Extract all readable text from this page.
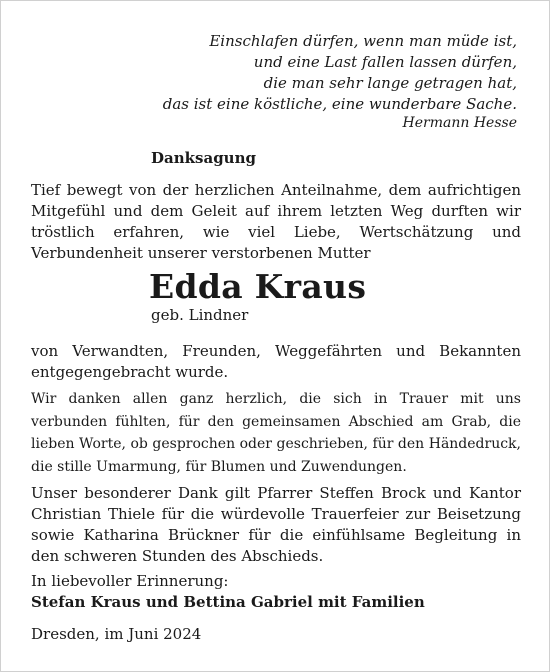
Einschlafen dürfen, wenn man müde ist,
und eine Last fallen lassen dürfen,
die man sehr lange getragen hat,
das ist eine köstliche, eine wunderbare Sache.
Hermann Hesse
Danksagung
Tief bewegt von der herzlichen Anteilnahme, dem aufrichtigen Mitgefühl und dem Geleit auf ihrem letzten Weg durften wir tröstlich erfahren, wie viel Liebe, Wertschätzung und Verbundenheit unserer verstorbenen Mutter
Edda Kraus
geb. Lindner
von Verwandten, Freunden, Weggefährten und Bekannten entgegengebracht wurde.
Wir danken allen ganz herzlich, die sich in Trauer mit uns verbunden fühlten, für den gemeinsamen Abschied am Grab, die lieben Worte, ob gesprochen oder geschrieben, für den Händedruck, die stille Umarmung, für Blumen und Zuwendungen.
Unser besonderer Dank gilt Pfarrer Steffen Brock und Kantor Christian Thiele für die würdevolle Trauerfeier zur Beisetzung sowie Katharina Brückner für die einfühlsame Begleitung in den schweren Stunden des Abschieds.
In liebevoller Erinnerung:
Stefan Kraus und Bettina Gabriel mit Familien
Dresden, im Juni 2024
